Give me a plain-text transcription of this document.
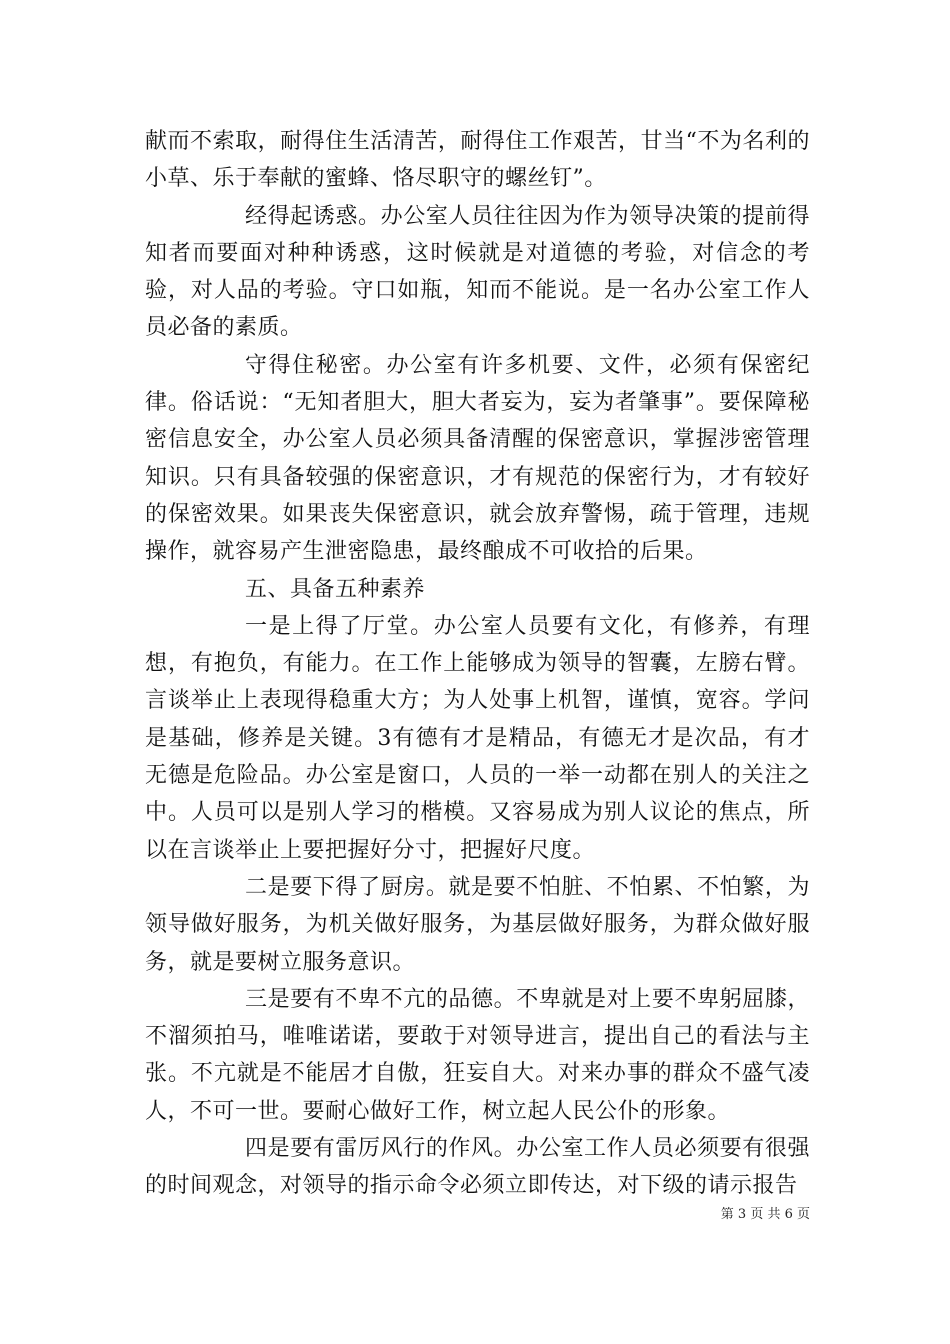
献而不索取，耐得住生活清苦，耐得住工作艰苦，甘当“不为名利的小草、乐于奉献的蜜蜂、恪尽职守的螺丝钉”。

经得起诱惑。办公室人员往往因为作为领导决策的提前得知者而要面对种种诱惑，这时候就是对道德的考验，对信念的考验，对人品的考验。守口如瓶，知而不能说。是一名办公室工作人员必备的素质。

守得住秘密。办公室有许多机要、文件，必须有保密纪律。俗话说：“无知者胆大，胆大者妄为，妄为者肇事”。要保障秘密信息安全，办公室人员必须具备清醒的保密意识，掌握涉密管理知识。只有具备较强的保密意识，才有规范的保密行为，才有较好的保密效果。如果丧失保密意识，就会放弃警惕，疏于管理，违规操作，就容易产生泄密隐患，最终酿成不可收拾的后果。

五、具备五种素养

一是上得了厅堂。办公室人员要有文化，有修养，有理想，有抱负，有能力。在工作上能够成为领导的智囊，左膀右臂。言谈举止上表现得稳重大方；为人处事上机智，谨慎，宽容。学问是基础，修养是关键。3有德有才是精品，有德无才是次品，有才无德是危险品。办公室是窗口，人员的一举一动都在别人的关注之中。人员可以是别人学习的楷模。又容易成为别人议论的焦点，所以在言谈举止上要把握好分寸，把握好尺度。

二是要下得了厨房。就是要不怕脏、不怕累、不怕繁，为领导做好服务，为机关做好服务，为基层做好服务，为群众做好服务，就是要树立服务意识。

三是要有不卑不亢的品德。不卑就是对上要不卑躬屈膝，不溜须拍马，唯唯诺诺，要敢于对领导进言，提出自己的看法与主张。不亢就是不能居才自傲，狂妄自大。对来办事的群众不盛气凌人，不可一世。要耐心做好工作，树立起人民公仆的形象。

四是要有雷厉风行的作风。办公室工作人员必须要有很强的时间观念，对领导的指示命令必须立即传达，对下级的请示报告

第 3 页 共 6 页
